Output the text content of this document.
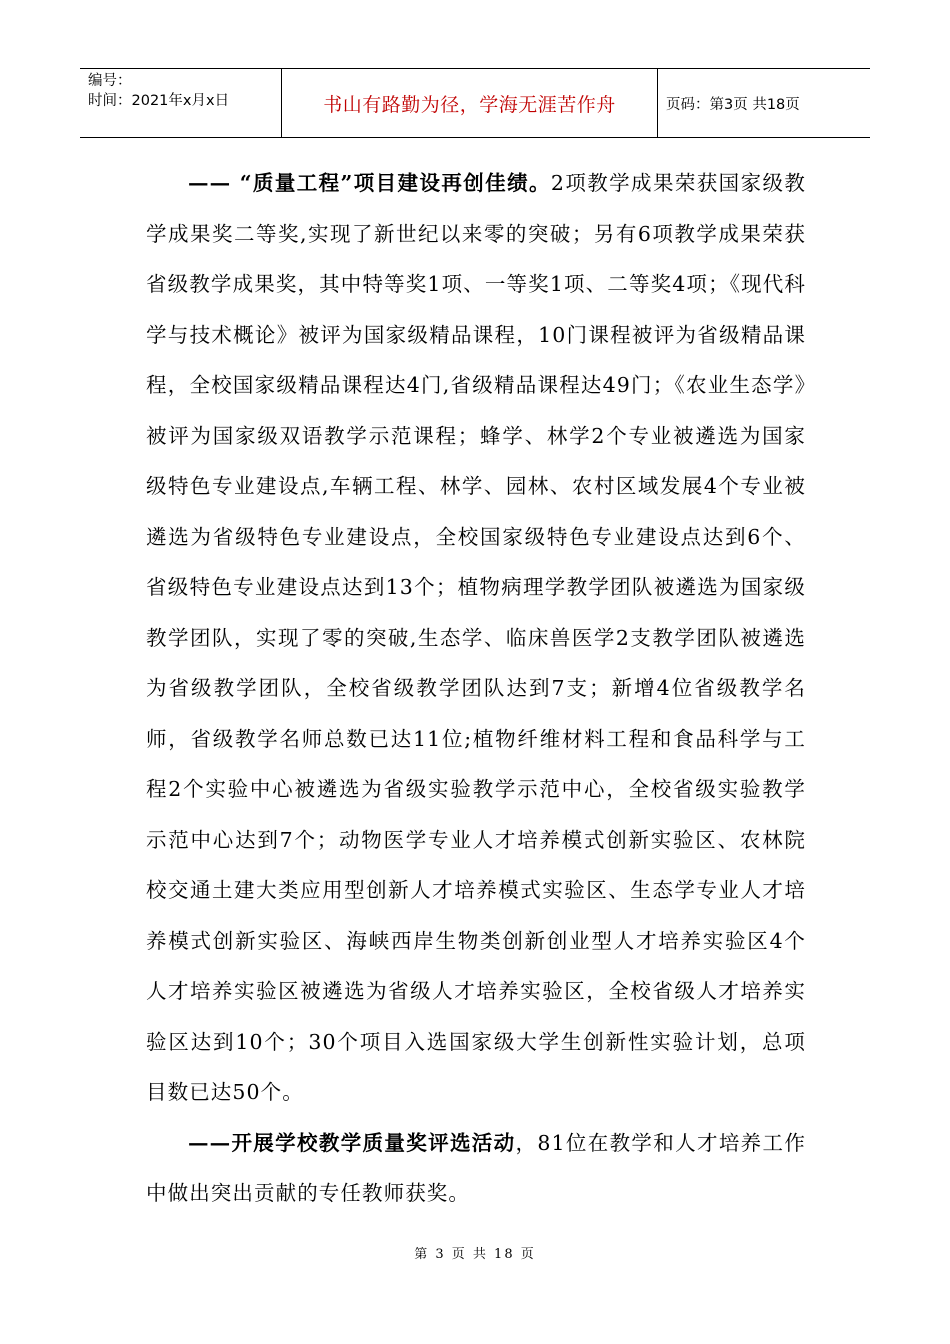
编号：
时间：2021年x月x日	书山有路勤为径，学海无涯苦作舟	页码：第3页 共18页

—— “质量工程”项目建设再创佳绩。2项教学成果荣获国家级教学成果奖二等奖,实现了新世纪以来零的突破；另有6项教学成果荣获省级教学成果奖，其中特等奖1项、一等奖1项、二等奖4项；《现代科学与技术概论》被评为国家级精品课程，10门课程被评为省级精品课程，全校国家级精品课程达4门,省级精品课程达49门；《农业生态学》被评为国家级双语教学示范课程；蜂学、林学2个专业被遴选为国家级特色专业建设点,车辆工程、林学、园林、农村区域发展4个专业被遴选为省级特色专业建设点，全校国家级特色专业建设点达到6个、省级特色专业建设点达到13个；植物病理学教学团队被遴选为国家级教学团队，实现了零的突破,生态学、临床兽医学2支教学团队被遴选为省级教学团队，全校省级教学团队达到7支；新增4位省级教学名师，省级教学名师总数已达11位;植物纤维材料工程和食品科学与工程2个实验中心被遴选为省级实验教学示范中心，全校省级实验教学示范中心达到7个；动物医学专业人才培养模式创新实验区、农林院校交通土建大类应用型创新人才培养模式实验区、生态学专业人才培养模式创新实验区、海峡西岸生物类创新创业型人才培养实验区4个人才培养实验区被遴选为省级人才培养实验区，全校省级人才培养实验区达到10个；30个项目入选国家级大学生创新性实验计划，总项目数已达50个。

——开展学校教学质量奖评选活动，81位在教学和人才培养工作中做出突出贡献的专任教师获奖。

第 3 页 共 18 页
